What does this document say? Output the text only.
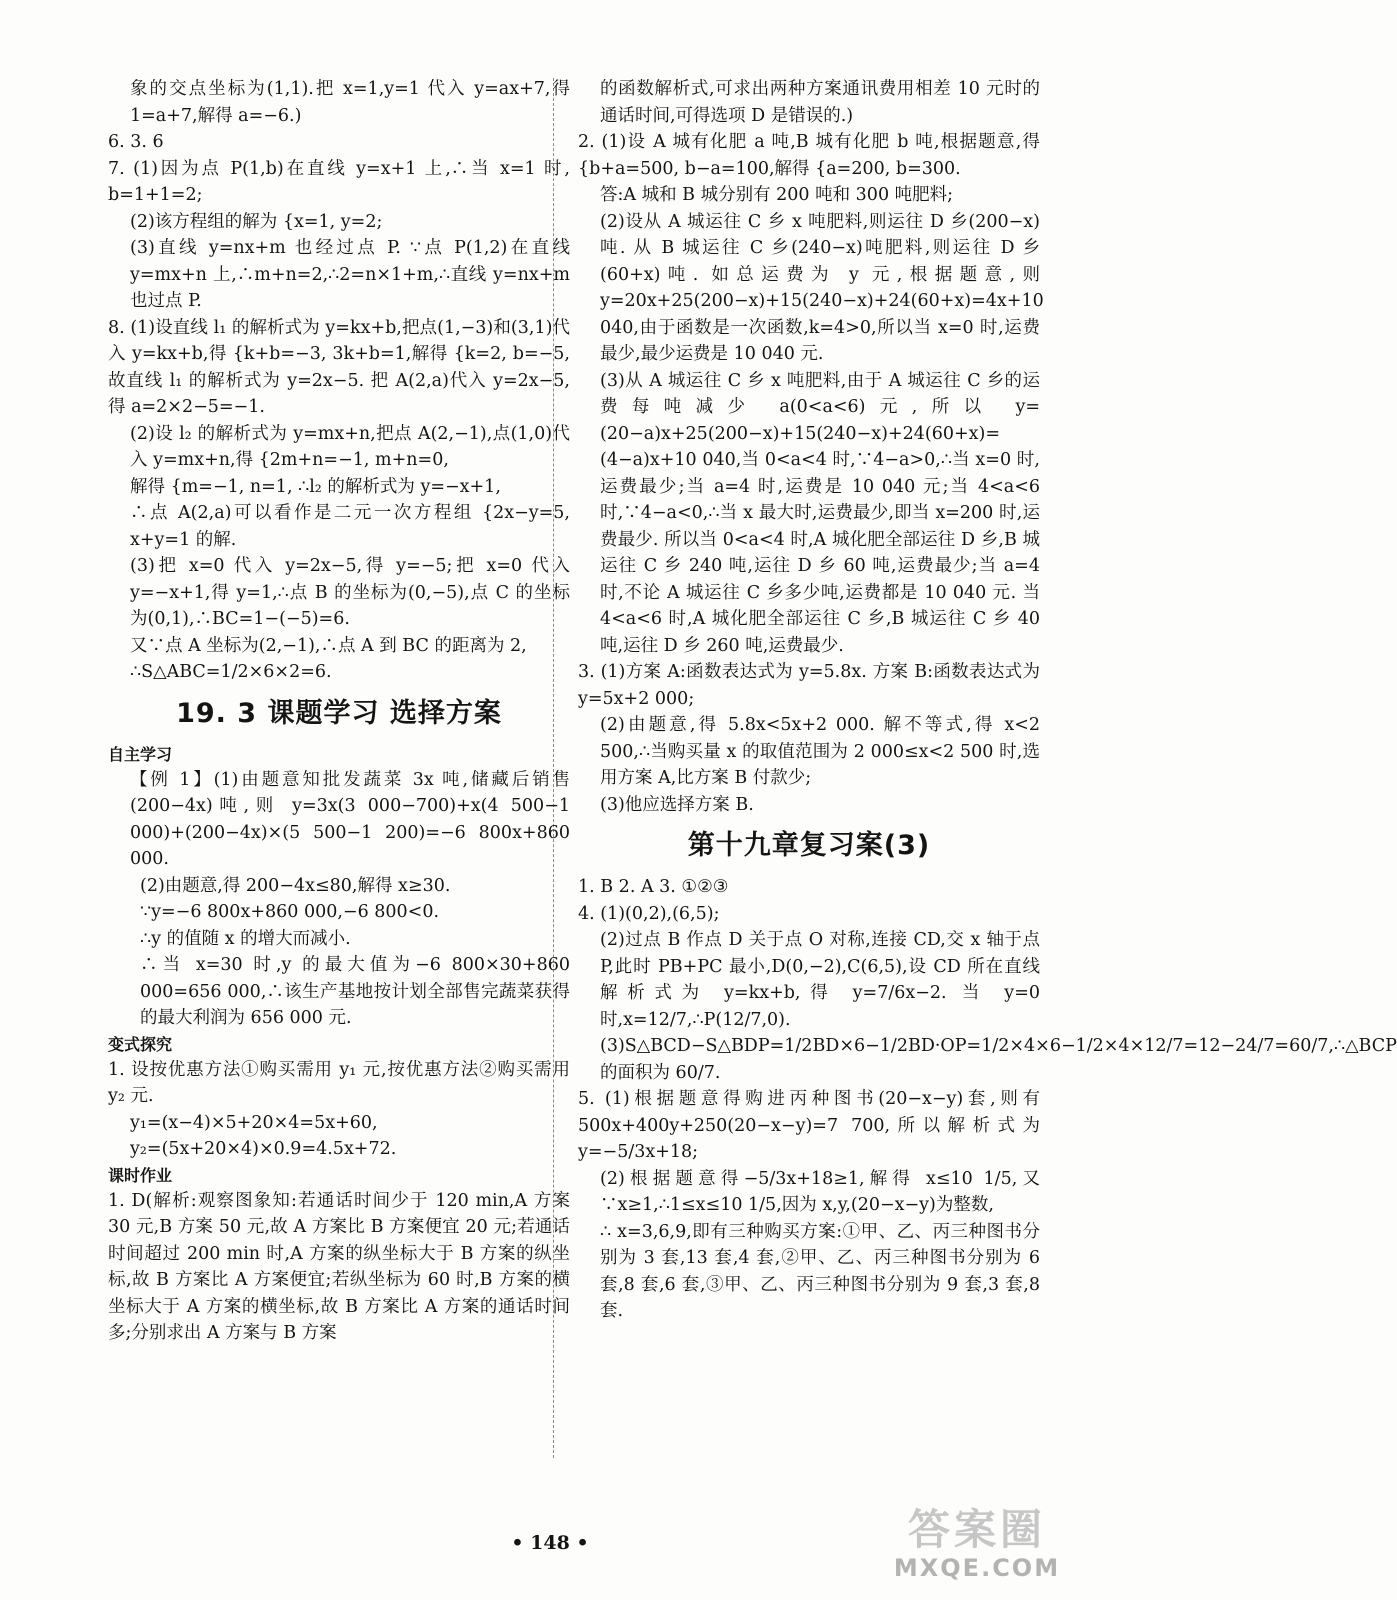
象的交点坐标为(1,1).把 x=1,y=1 代入 y=ax+7,得 1=a+7,解得 a=−6.)

6. 3. 6

7. (1)因为点 P(1,b)在直线 y=x+1 上,∴当 x=1 时, b=1+1=2;

(2)该方程组的解为 {x=1, y=2;

(3)直线 y=nx+m 也经过点 P. ∵点 P(1,2)在直线 y=mx+n 上,∴m+n=2,∴2=n×1+m,∴直线 y=nx+m 也过点 P.

8. (1)设直线 l₁ 的解析式为 y=kx+b,把点(1,−3)和(3,1)代入 y=kx+b,得 {k+b=−3, 3k+b=1,解得 {k=2, b=−5,故直线 l₁ 的解析式为 y=2x−5. 把 A(2,a)代入 y=2x−5,得 a=2×2−5=−1.

(2)设 l₂ 的解析式为 y=mx+n,把点 A(2,−1),点(1,0)代入 y=mx+n,得 {2m+n=−1, m+n=0,

解得 {m=−1, n=1, ∴l₂ 的解析式为 y=−x+1,

∴点 A(2,a)可以看作是二元一次方程组 {2x−y=5, x+y=1 的解.

(3)把 x=0 代入 y=2x−5,得 y=−5;把 x=0 代入 y=−x+1,得 y=1,∴点 B 的坐标为(0,−5),点 C 的坐标为(0,1),∴BC=1−(−5)=6.

又∵点 A 坐标为(2,−1),∴点 A 到 BC 的距离为 2,

∴S△ABC=1/2×6×2=6.

19. 3 课题学习 选择方案
自主学习

【例 1】(1)由题意知批发蔬菜 3x 吨,储藏后销售(200−4x)吨,则 y=3x(3 000−700)+x(4 500−1 000)+(200−4x)×(5 500−1 200)=−6 800x+860 000.

(2)由题意,得 200−4x≤80,解得 x≥30.

∵y=−6 800x+860 000,−6 800<0.

∴y 的值随 x 的增大而减小.

∴当 x=30 时,y 的最大值为−6 800×30+860 000=656 000,∴该生产基地按计划全部售完蔬菜获得的最大利润为 656 000 元.

变式探究

1. 设按优惠方法①购买需用 y₁ 元,按优惠方法②购买需用 y₂ 元.

y₁=(x−4)×5+20×4=5x+60,

y₂=(5x+20×4)×0.9=4.5x+72.

课时作业

1. D(解析:观察图象知:若通话时间少于 120 min,A 方案 30 元,B 方案 50 元,故 A 方案比 B 方案便宜 20 元;若通话时间超过 200 min 时,A 方案的纵坐标大于 B 方案的纵坐标,故 B 方案比 A 方案便宜;若纵坐标为 60 时,B 方案的横坐标大于 A 方案的横坐标,故 B 方案比 A 方案的通话时间多;分别求出 A 方案与 B 方案

的函数解析式,可求出两种方案通讯费用相差 10 元时的通话时间,可得选项 D 是错误的.)

2. (1)设 A 城有化肥 a 吨,B 城有化肥 b 吨,根据题意,得 {b+a=500, b−a=100,解得 {a=200, b=300.

答:A 城和 B 城分别有 200 吨和 300 吨肥料;

(2)设从 A 城运往 C 乡 x 吨肥料,则运往 D 乡(200−x)吨. 从 B 城运往 C 乡(240−x)吨肥料,则运往 D 乡(60+x)吨. 如总运费为 y 元,根据题意,则 y=20x+25(200−x)+15(240−x)+24(60+x)=4x+10 040,由于函数是一次函数,k=4>0,所以当 x=0 时,运费最少,最少运费是 10 040 元.

(3)从 A 城运往 C 乡 x 吨肥料,由于 A 城运往 C 乡的运费每吨减少 a(0<a<6)元,所以 y=(20−a)x+25(200−x)+15(240−x)+24(60+x)=(4−a)x+10 040,当 0<a<4 时,∵4−a>0,∴当 x=0 时,运费最少;当 a=4 时,运费是 10 040 元;当 4<a<6 时,∵4−a<0,∴当 x 最大时,运费最少,即当 x=200 时,运费最少. 所以当 0<a<4 时,A 城化肥全部运往 D 乡,B 城运往 C 乡 240 吨,运往 D 乡 60 吨,运费最少;当 a=4 时,不论 A 城运往 C 乡多少吨,运费都是 10 040 元. 当 4<a<6 时,A 城化肥全部运往 C 乡,B 城运往 C 乡 40 吨,运往 D 乡 260 吨,运费最少.

3. (1)方案 A:函数表达式为 y=5.8x. 方案 B:函数表达式为 y=5x+2 000;

(2)由题意,得 5.8x<5x+2 000. 解不等式,得 x<2 500,∴当购买量 x 的取值范围为 2 000≤x<2 500 时,选用方案 A,比方案 B 付款少;

(3)他应选择方案 B.

第十九章复习案(3)

1. B 2. A 3. ①②③

4. (1)(0,2),(6,5);

(2)过点 B 作点 D 关于点 O 对称,连接 CD,交 x 轴于点 P,此时 PB+PC 最小,D(0,−2),C(6,5),设 CD 所在直线解析式为 y=kx+b,得 y=7/6x−2. 当 y=0 时,x=12/7,∴P(12/7,0).

(3)S△BCD−S△BDP=1/2BD×6−1/2BD·OP=1/2×4×6−1/2×4×12/7=12−24/7=60/7,∴△BCP 的面积为 60/7.

5. (1)根据题意得购进丙种图书(20−x−y)套,则有 500x+400y+250(20−x−y)=7 700,所以解析式为 y=−5/3x+18;

(2)根据题意得−5/3x+18≥1,解得 x≤10 1/5,又∵x≥1,∴1≤x≤10 1/5,因为 x,y,(20−x−y)为整数,

∴ x=3,6,9,即有三种购买方案:①甲、乙、丙三种图书分别为 3 套,13 套,4 套,②甲、乙、丙三种图书分别为 6 套,8 套,6 套,③甲、乙、丙三种图书分别为 9 套,3 套,8 套.

• 148 •	答案圈
MXQE.COM
